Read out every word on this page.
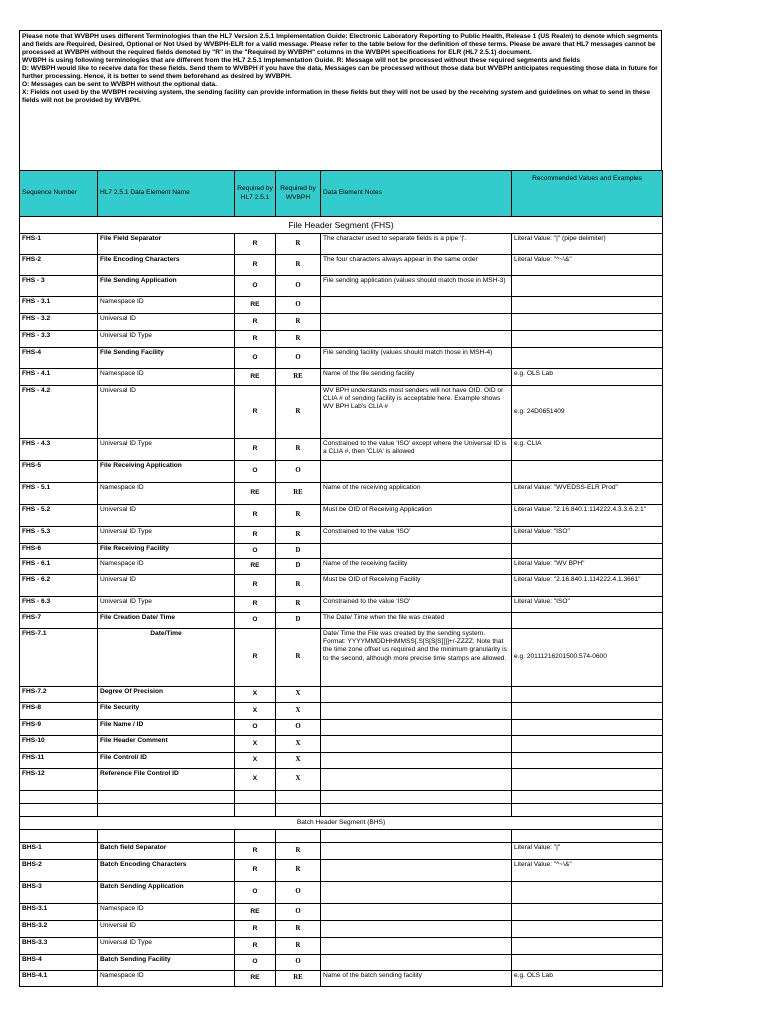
Please note that WVBPH uses different Terminologies than the HL7 Version 2.5.1 Implementation Guide: Electronic Laboratory Reporting to Public Health, Release 1 (US Realm) to denote which segments and fields are Required, Desired, Optional or Not Used by WVBPH-ELR for a valid message. Please refer to the table below for the definition of these terms. Please be aware that HL7 messages cannot be processed at WVBPH without the required fields denoted by "R" in the "Required by WVBPH" columns in the WVBPH specifications for ELR (HL7 2.5.1) document.

WVBPH is using following terminologies that are different from the HL7 2.5.1 Implementation Guide. R: Message will not be processed without these required segments and fields

D: WVBPH would like to receive data for these fields. Send them to WVBPH if you have the data. Messages can be processed without those data but WVBPH anticipates requesting those data in future for further processing. Hence, it is better to send them beforehand as desired by WVBPH.

O: Messages can be sent to WVBPH without the optional data.

X: Fields not used by the WVBPH receiving system, the sending facility can provide information in these fields but they will not be used by the receiving system and guidelines on what to send in these fields will not be provided by WVBPH.

Sequence Number	HL7 2.5.1 Data Element Name	Required by HL7 2.5.1	Required by WVBPH	Data Element Notes	Recommended Values and Examples
File Header Segment (FHS)					
FHS-1	File Field Separator	R	R	The character used to separate fields is a pipe '|'.	Literal Value: "|" (pipe delimiter)
FHS-2	File Encoding Characters	R	R	The four characters always appear in the same order	Literal Value: "^~\&"
FHS - 3	File Sending Application	O	O	File sending application (values should match those in MSH-3)	
FHS - 3.1	Namespace ID	RE	O		
FHS - 3.2	Universal ID	R	R		
FHS - 3.3	Universal ID Type	R	R		
FHS-4	File Sending Facility	O	O	File sending facility (values should match those in MSH-4)	
FHS - 4.1	Namespace ID	RE	RE	Name of the file sending facility	e.g. OLS Lab
FHS - 4.2	Universal ID	R	R	WV BPH understands most senders will not have OID. OID or CLIA # of sending facility is acceptable here. Example shows WV BPH Lab's CLIA #	e.g. 24D0651409
FHS - 4.3	Universal ID Type	R	R	Constrained to the value 'ISO' except where the Universal ID is a CLIA #, then 'CLIA' is allowed	e.g. CLIA
FHS-5	File Receiving Application	O	O		
FHS - 5.1	Namespace ID	RE	RE	Name of the receiving application	Literal Value: "WVEDSS-ELR Prod"
FHS - 5.2	Universal ID	R	R	Must be OID of Receiving Application	Literal Value: "2.16.840.1.114222.4.3.3.6.2.1"
FHS - 5.3	Universal ID Type	R	R	Constrained to the value 'ISO'	Literal Value: "ISO"
FHS-6	File Receiving Facility	O	D		
FHS - 6.1	Namespace ID	RE	D	Name of the receiving facility	Literal Value: "WV BPH"
FHS - 6.2	Universal ID	R	R	Must be OID of Receiving Facility	Literal Value: "2.16.840.1.114222.4.1.3661"
FHS - 6.3	Universal ID Type	R	R	Constrained to the value 'ISO'	Literal Value: "ISO"
FHS-7	File Creation Date/ Time	O	D	The Date/ Time when the file was created	
FHS-7.1	Date/Time	R	R	Date/ Time the File was created by the sending system. Format: YYYYMMDDHHMMSS[.S[S[S[S]]]]+/-ZZZZ. Note that the time zone offset us required and the minimum granularity is to the second, although more precise time stamps are allowed.	e.g. 20111216201500.574-0600
FHS-7.2	Degree Of Precision	X	X		
FHS-8	File Security	X	X		
FHS-9	File Name / ID	O	O		
FHS-10	File Header Comment	X	X		
FHS-11	File Control/ ID	X	X		
FHS-12	Reference File Control ID	X	X		

Batch Header Segment (BHS)					

BHS-1	Batch field Separator	R	R		Literal Value: "|"
BHS-2	Batch Encoding Characters	R	R		Literal Value: "^~\&"
BHS-3	Batch Sending Application	O	O		
BHS-3.1	Namespace ID	RE	O		
BHS-3.2	Universal ID	R	R		
BHS-3.3	Universal ID Type	R	R		
BHS-4	Batch Sending Facility	O	O		
BHS-4.1	Namespace ID	RE	RE	Name of the batch sending facility	e.g. OLS Lab
